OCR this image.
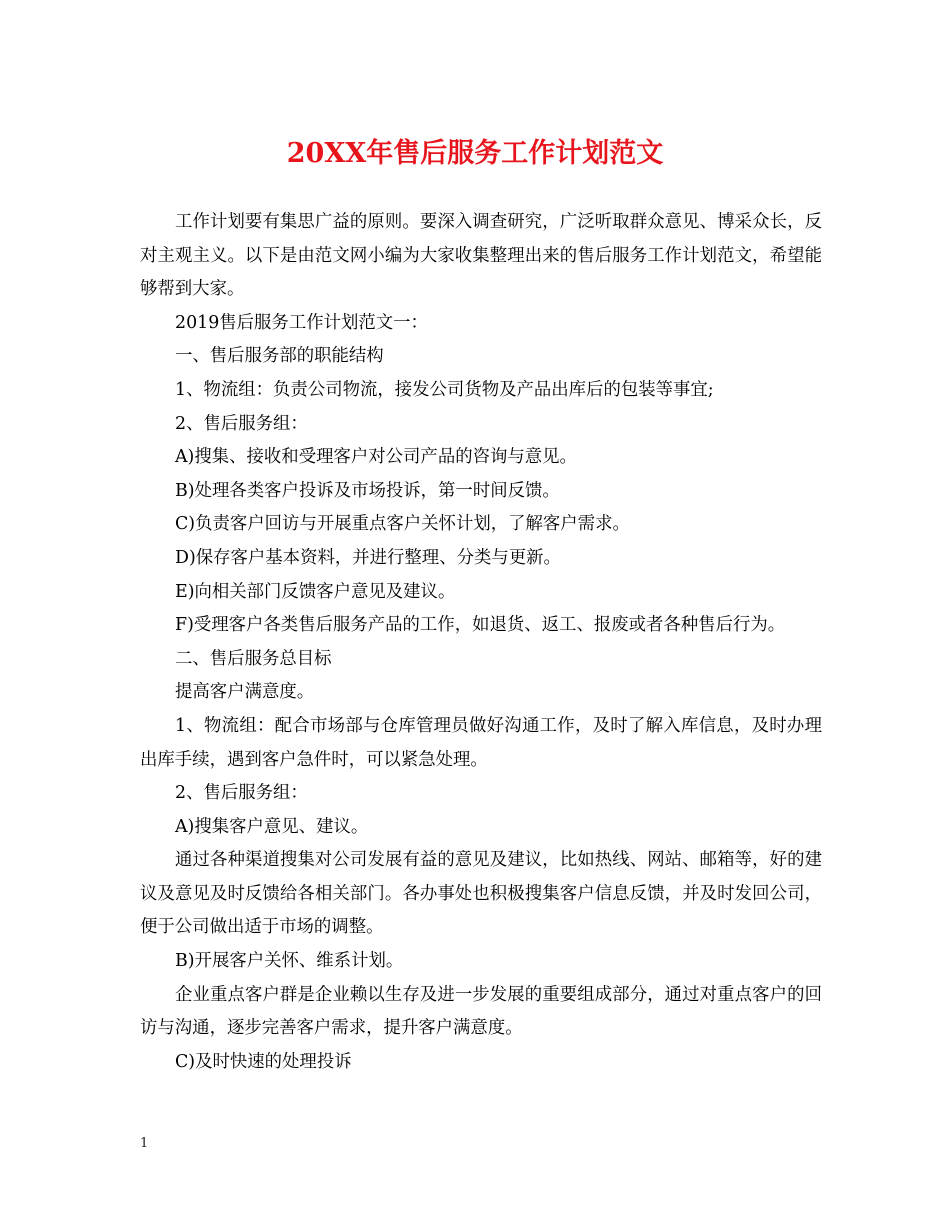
20XX年售后服务工作计划范文

工作计划要有集思广益的原则。要深入调查研究，广泛听取群众意见、博采众长，反对主观主义。以下是由范文网小编为大家收集整理出来的售后服务工作计划范文，希望能够帮到大家。

2019售后服务工作计划范文一：

一、售后服务部的职能结构

1、物流组：负责公司物流，接发公司货物及产品出库后的包装等事宜;

2、售后服务组：

A)搜集、接收和受理客户对公司产品的咨询与意见。

B)处理各类客户投诉及市场投诉，第一时间反馈。

C)负责客户回访与开展重点客户关怀计划，了解客户需求。

D)保存客户基本资料，并进行整理、分类与更新。

E)向相关部门反馈客户意见及建议。

F)受理客户各类售后服务产品的工作，如退货、返工、报废或者各种售后行为。

二、售后服务总目标

提高客户满意度。

1、物流组：配合市场部与仓库管理员做好沟通工作，及时了解入库信息，及时办理出库手续，遇到客户急件时，可以紧急处理。

2、售后服务组：

A)搜集客户意见、建议。

通过各种渠道搜集对公司发展有益的意见及建议，比如热线、网站、邮箱等，好的建议及意见及时反馈给各相关部门。各办事处也积极搜集客户信息反馈，并及时发回公司，便于公司做出适于市场的调整。

B)开展客户关怀、维系计划。

企业重点客户群是企业赖以生存及进一步发展的重要组成部分，通过对重点客户的回访与沟通，逐步完善客户需求，提升客户满意度。

C)及时快速的处理投诉

1
